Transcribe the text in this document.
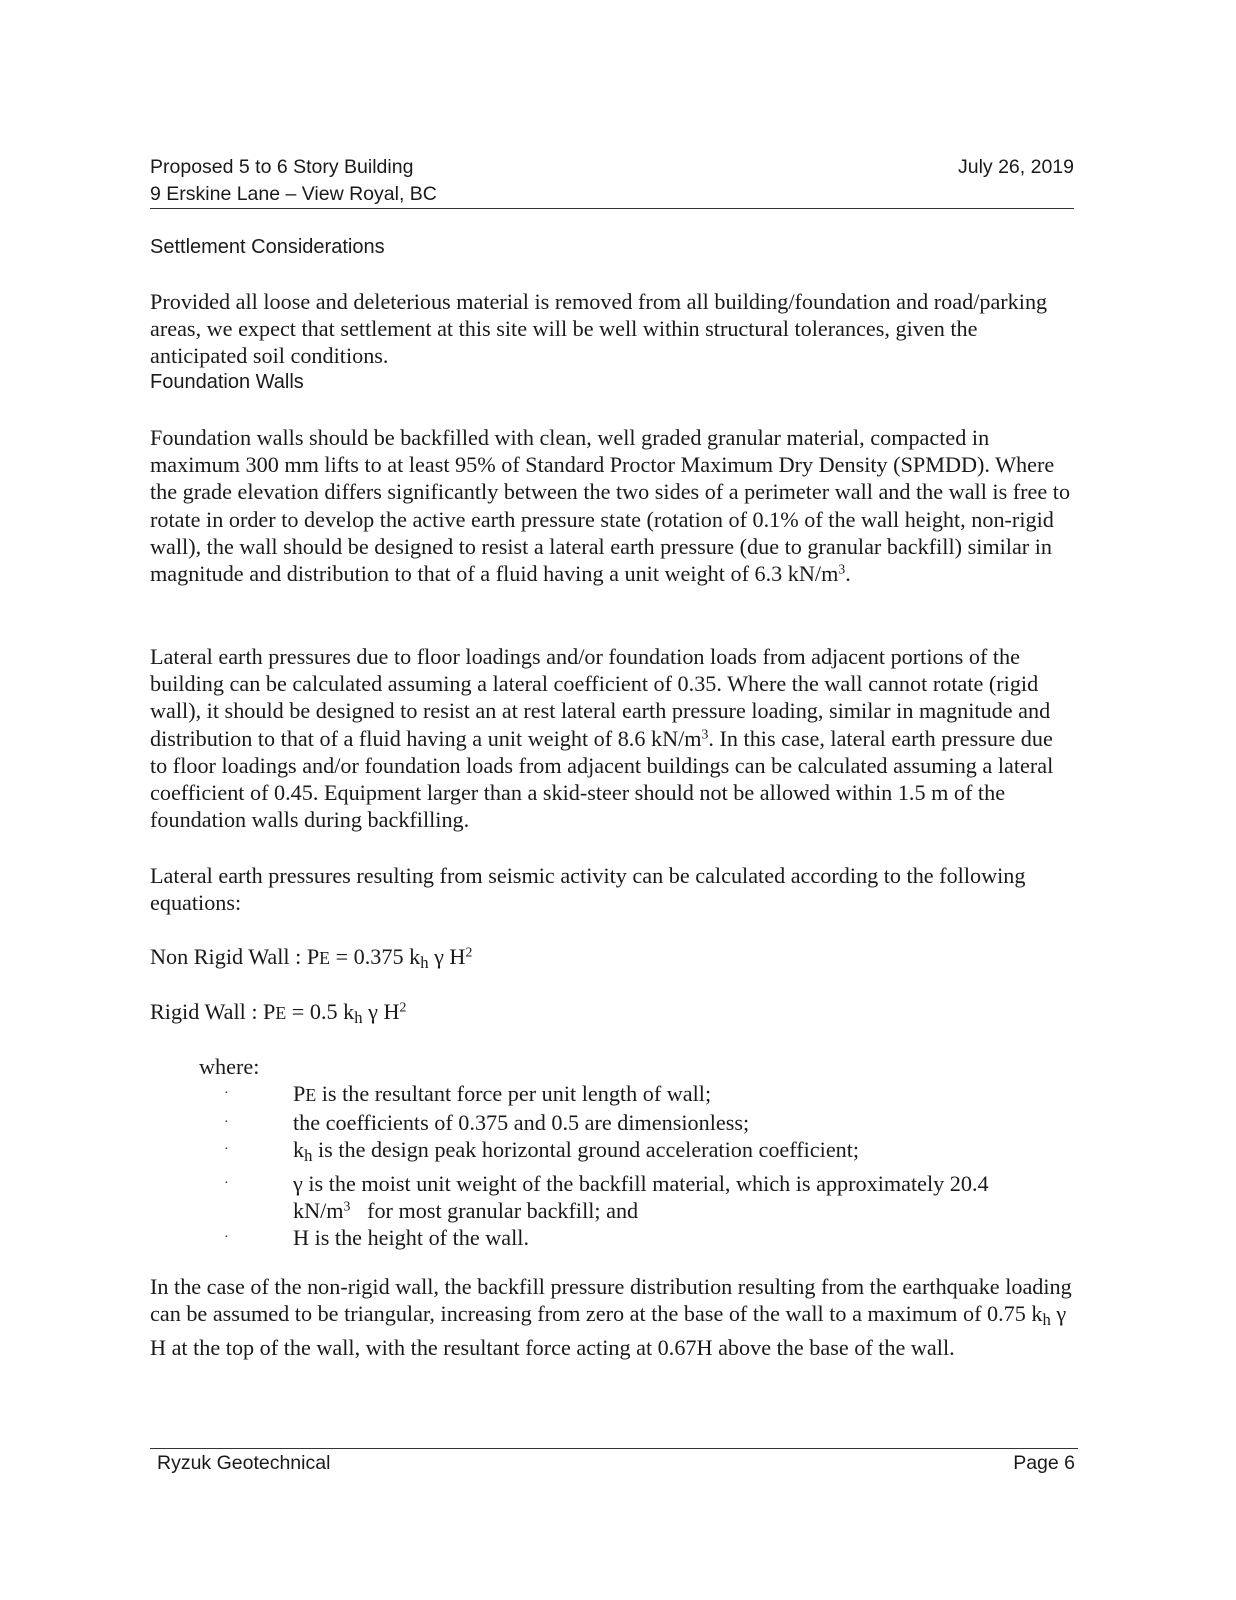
Proposed 5 to 6 Story Building
9 Erskine Lane – View Royal, BC
July 26, 2019
Settlement Considerations
Provided all loose and deleterious material is removed from all building/foundation and road/parking areas, we expect that settlement at this site will be well within structural tolerances, given the anticipated soil conditions.
Foundation Walls
Foundation walls should be backfilled with clean, well graded granular material, compacted in maximum 300 mm lifts to at least 95% of Standard Proctor Maximum Dry Density (SPMDD). Where the grade elevation differs significantly between the two sides of a perimeter wall and the wall is free to rotate in order to develop the active earth pressure state (rotation of 0.1% of the wall height, non-rigid wall), the wall should be designed to resist a lateral earth pressure (due to granular backfill) similar in magnitude and distribution to that of a fluid having a unit weight of 6.3 $kN/m^3$.
Lateral earth pressures due to floor loadings and/or foundation loads from adjacent portions of the building can be calculated assuming a lateral coefficient of 0.35. Where the wall cannot rotate (rigid wall), it should be designed to resist an at rest lateral earth pressure loading, similar in magnitude and distribution to that of a fluid having a unit weight of 8.6 $kN/m^3$. In this case, lateral earth pressure due to floor loadings and/or foundation loads from adjacent buildings can be calculated assuming a lateral coefficient of 0.45. Equipment larger than a skid-steer should not be allowed within 1.5 m of the foundation walls during backfilling.
Lateral earth pressures resulting from seismic activity can be calculated according to the following equations:
Non Rigid Wall : PE = 0.375 $k_h$ γ $H^2$
Rigid Wall : PE = 0.5 $k_h$ γ $H^2$
where:
·	PE is the resultant force per unit length of wall;
·	the coefficients of 0.375 and 0.5 are dimensionless;
·	$k_h$ is the design peak horizontal ground acceleration coefficient;
·	γ is the moist unit weight of the backfill material, which is approximately 20.4 $kN/m^3$   for most granular backfill; and
·	H is the height of the wall.
In the case of the non-rigid wall, the backfill pressure distribution resulting from the earthquake loading can be assumed to be triangular, increasing from zero at the base of the wall to a maximum of 0.75 $k_h$ γ H at the top of the wall, with the resultant force acting at 0.67H above the base of the wall.
Ryzuk Geotechnical	Page 6
